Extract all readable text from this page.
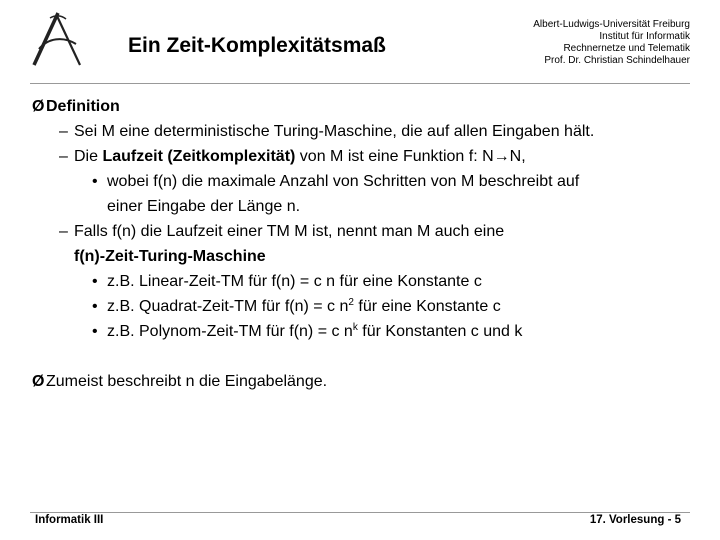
Ein Zeit-Komplexitätsmaß
Albert-Ludwigs-Universität Freiburg
Institut für Informatik
Rechnernetze und Telematik
Prof. Dr. Christian Schindelhauer
Ø Definition
– Sei M eine deterministische Turing-Maschine, die auf allen Eingaben hält.
– Die Laufzeit (Zeitkomplexität) von M ist eine Funktion f: N→N,
• wobei f(n) die maximale Anzahl von Schritten von M beschreibt auf
einer Eingabe der Länge n.
– Falls f(n) die Laufzeit einer TM M ist, nennt man M auch eine
f(n)-Zeit-Turing-Maschine
• z.B. Linear-Zeit-TM für f(n) = c n für eine Konstante c
• z.B. Quadrat-Zeit-TM für f(n) = c $n^2$ für eine Konstante c
• z.B. Polynom-Zeit-TM für f(n) = c $n^k$ für Konstanten c und k
Ø Zumeist beschreibt n die Eingabelänge.
Informatik III	17. Vorlesung - 5
